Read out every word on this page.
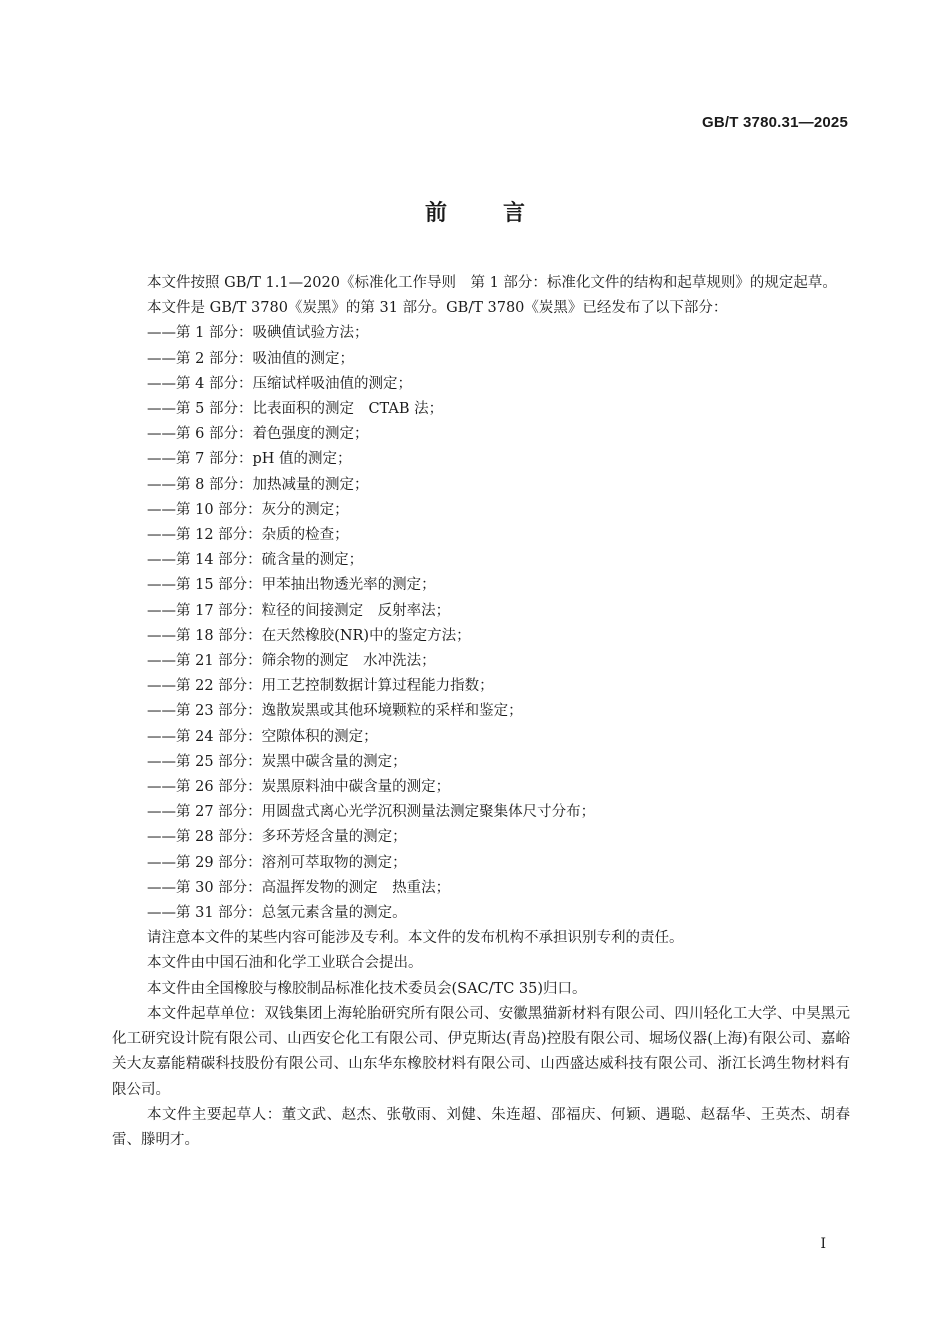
GB/T 3780.31—2025
前言

本文件按照 GB/T 1.1—2020《标准化工作导则　第 1 部分：标准化文件的结构和起草规则》的规定起草。

本文件是 GB/T 3780《炭黑》的第 31 部分。GB/T 3780《炭黑》已经发布了以下部分：

——第 1 部分：吸碘值试验方法；
——第 2 部分：吸油值的测定；
——第 4 部分：压缩试样吸油值的测定；
——第 5 部分：比表面积的测定　CTAB 法；
——第 6 部分：着色强度的测定；
——第 7 部分：pH 值的测定；
——第 8 部分：加热减量的测定；
——第 10 部分：灰分的测定；
——第 12 部分：杂质的检查；
——第 14 部分：硫含量的测定；
——第 15 部分：甲苯抽出物透光率的测定；
——第 17 部分：粒径的间接测定　反射率法；
——第 18 部分：在天然橡胶(NR)中的鉴定方法；
——第 21 部分：筛余物的测定　水冲洗法；
——第 22 部分：用工艺控制数据计算过程能力指数；
——第 23 部分：逸散炭黑或其他环境颗粒的采样和鉴定；
——第 24 部分：空隙体积的测定；
——第 25 部分：炭黑中碳含量的测定；
——第 26 部分：炭黑原料油中碳含量的测定；
——第 27 部分：用圆盘式离心光学沉积测量法测定聚集体尺寸分布；
——第 28 部分：多环芳烃含量的测定；
——第 29 部分：溶剂可萃取物的测定；
——第 30 部分：高温挥发物的测定　热重法；
——第 31 部分：总氢元素含量的测定。

请注意本文件的某些内容可能涉及专利。本文件的发布机构不承担识别专利的责任。

本文件由中国石油和化学工业联合会提出。

本文件由全国橡胶与橡胶制品标准化技术委员会(SAC/TC 35)归口。

本文件起草单位：双钱集团上海轮胎研究所有限公司、安徽黑猫新材料有限公司、四川轻化工大学、中昊黑元化工研究设计院有限公司、山西安仑化工有限公司、伊克斯达(青岛)控股有限公司、堀场仪器(上海)有限公司、嘉峪关大友嘉能精碳科技股份有限公司、山东华东橡胶材料有限公司、山西盛达威科技有限公司、浙江长鸿生物材料有限公司。

本文件主要起草人：董文武、赵杰、张敬雨、刘健、朱连超、邵福庆、何颖、遇聪、赵磊华、王英杰、胡春雷、滕明才。

I
